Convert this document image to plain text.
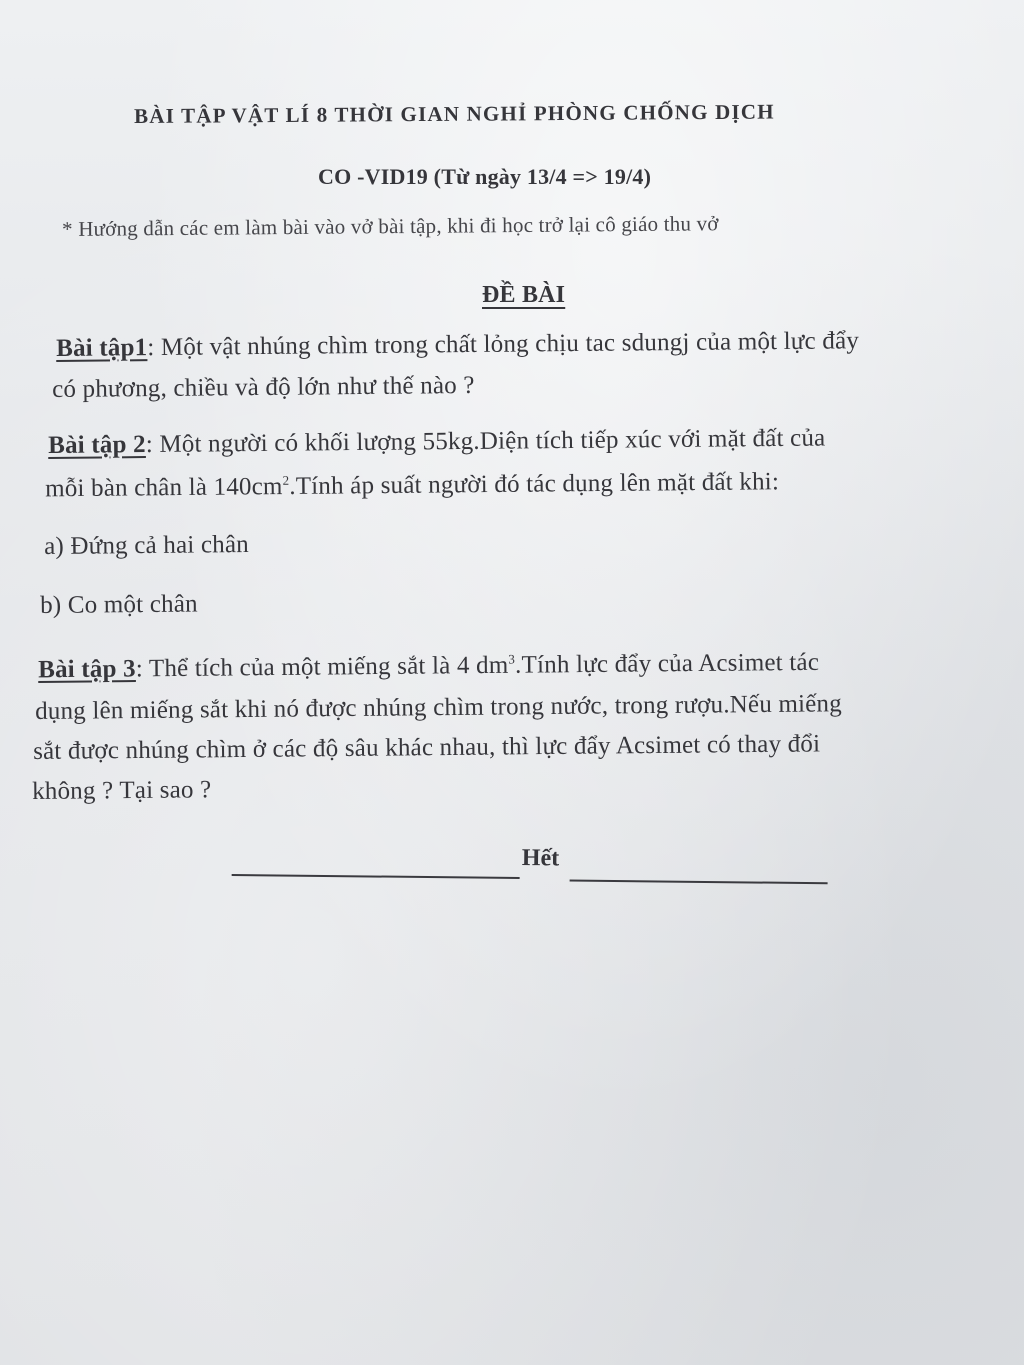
BÀI TẬP VẬT LÍ 8 THỜI GIAN NGHỈ PHÒNG CHỐNG DỊCH
CO -VID19 (Từ ngày 13/4 => 19/4)
* Hướng dẫn các em làm bài vào vở bài tập, khi đi học trở lại cô giáo thu vở
ĐỀ BÀI
Bài tập1: Một vật nhúng chìm trong chất lỏng chịu tac sdungj của một lực đẩy
có phương, chiều và độ lớn như thế nào ?
Bài tập 2: Một người có khối lượng 55kg.Diện tích tiếp xúc với mặt đất của
mỗi bàn chân là $140cm^2.Tính$ áp suất người đó tác dụng lên mặt đất khi:
a) Đứng cả hai chân
b) Co một chân
Bài tập 3: Thể tích của một miếng sắt là 4 $dm^3.Tính$ lực đẩy của Acsimet tác
dụng lên miếng sắt khi nó được nhúng chìm trong nước, trong rượu.Nếu miếng
sắt được nhúng chìm ở các độ sâu khác nhau, thì lực đẩy Acsimet có thay đổi
không ? Tại sao ?
Hết
